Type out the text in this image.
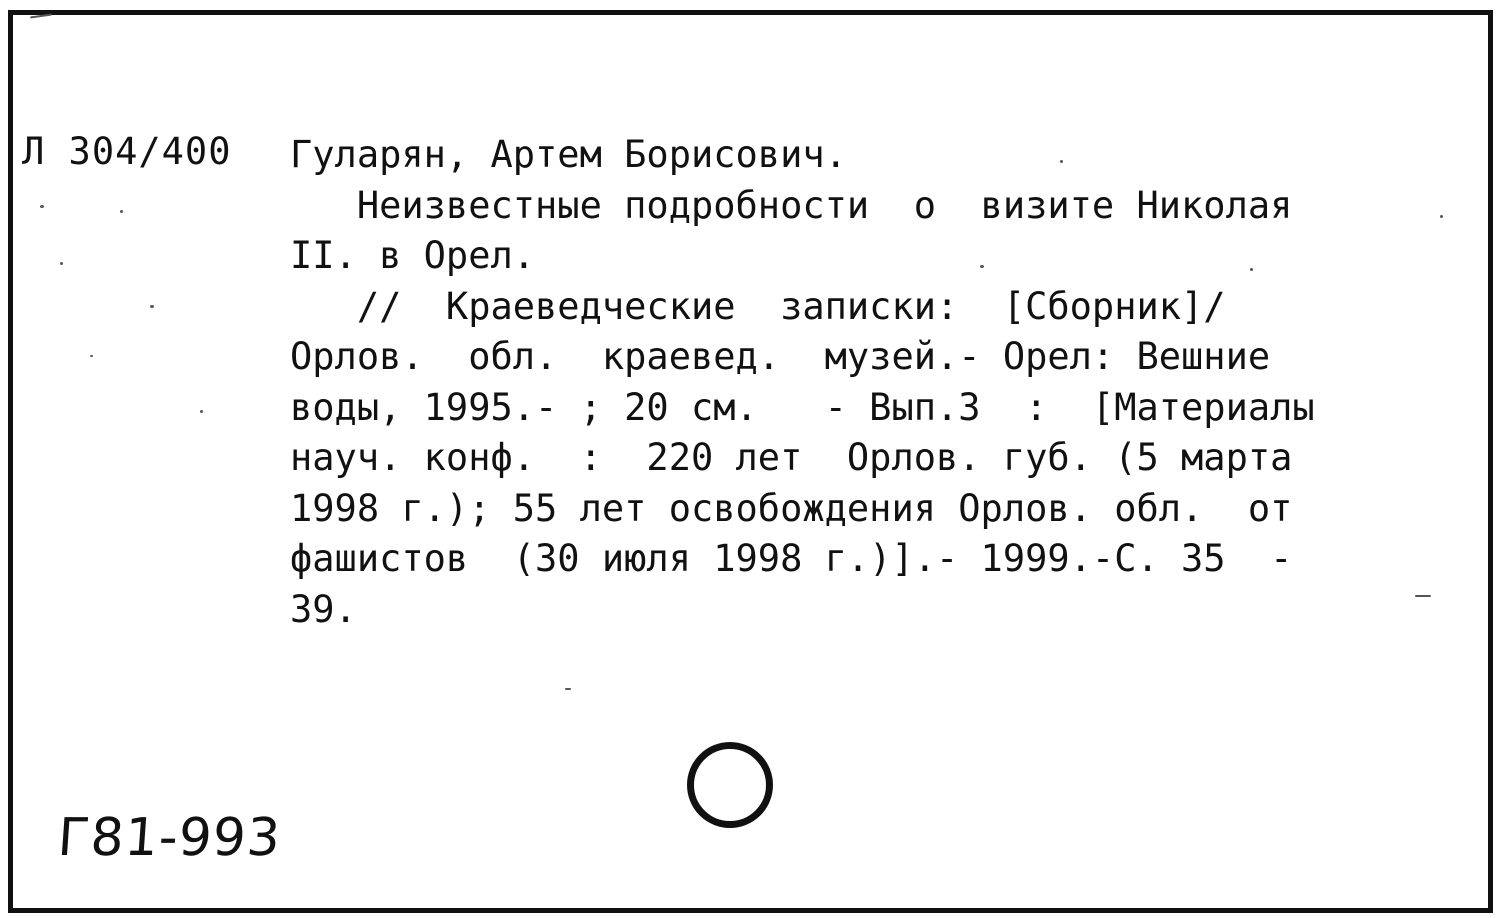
Л 304/400 Гуларян, Артем Борисович.
Неизвестные подробности  о  визите Николая
II. в Орел.
//  Краеведческие  записки:  [Сборник]/
Орлов.  обл.  краевед.  музей.- Орел: Вешние
воды, 1995.- ; 20 см.   - Вып.3  :  [Материалы
науч. конф.  :  220 лет  Орлов. губ. (5 марта
1998 г.); 55 лет освобождения Орлов. обл.  от
фашистов  (30 июля 1998 г.)].- 1999.-С. 35  -
39.
Г81-993
